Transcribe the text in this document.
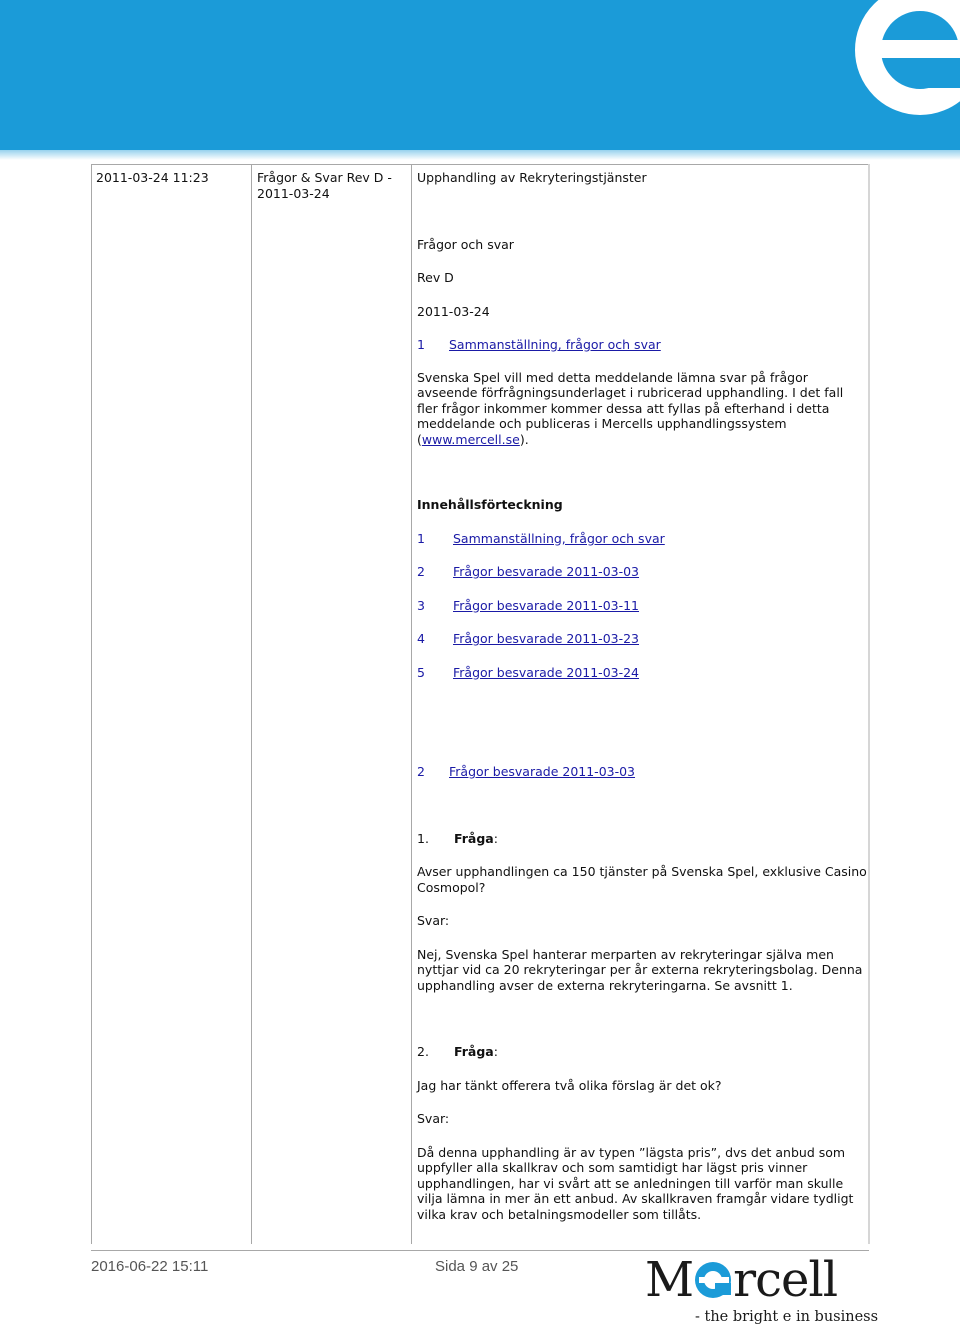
2011-03-24 11:23	Frågor & Svar Rev D -
2011-03-24

Upphandling av Rekryteringstjänster

Frågor och svar

Rev D

2011-03-24

1 Sammanställning, frågor och svar

Svenska Spel vill med detta meddelande lämna svar på frågor avseende förfrågningsunderlaget i rubricerad upphandling. I det fall fler frågor inkommer kommer dessa att fyllas på efterhand i detta meddelande och publiceras i Mercells upphandlingssystem (www.mercell.se).

Innehållsförteckning

1 Sammanställning, frågor och svar

2 Frågor besvarade 2011-03-03

3 Frågor besvarade 2011-03-11

4 Frågor besvarade 2011-03-23

5 Frågor besvarade 2011-03-24

2 Frågor besvarade 2011-03-03

1. Fråga:

Avser upphandlingen ca 150 tjänster på Svenska Spel, exklusive Casino Cosmopol?

Svar:

Nej, Svenska Spel hanterar merparten av rekryteringar själva men nyttjar vid ca 20 rekryteringar per år externa rekryteringsbolag. Denna upphandling avser de externa rekryteringarna. Se avsnitt 1.

2. Fråga:

Jag har tänkt offerera två olika förslag är det ok?

Svar:

Då denna upphandling är av typen ”lägsta pris”, dvs det anbud som uppfyller alla skallkrav och som samtidigt har lägst pris vinner upphandlingen, har vi svårt att se anledningen till varför man skulle vilja lämna in mer än ett anbud. Av skallkraven framgår vidare tydligt vilka krav och betalningsmodeller som tillåts.

2016-06-22 15:11	Sida 9 av 25	M rcell
- the bright e in business
